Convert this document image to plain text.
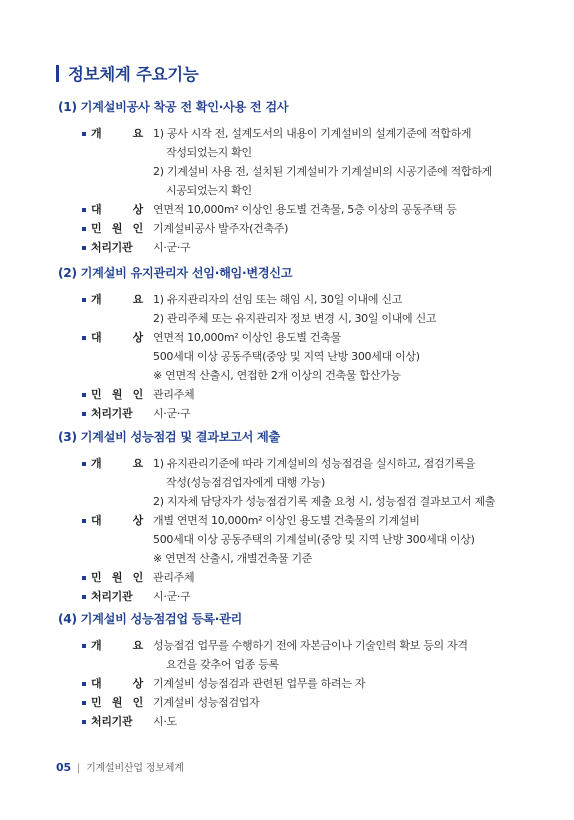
정보체계 주요기능
(1) 기계설비공사 착공 전 확인·사용 전 검사
개 요 1) 공사 시작 전, 설계도서의 내용이 기계설비의 설계기준에 적합하게
작성되었는지 확인
2) 기계설비 사용 전, 설치된 기계설비가 기계설비의 시공기준에 적합하게
시공되었는지 확인
대 상 연면적 10,000m² 이상인 용도별 건축물, 5층 이상의 공동주택 등
민 원 인 기계설비공사 발주자(건축주)
처리기관	시·군·구
(2) 기계설비 유지관리자 선임·해임·변경신고
개 요 1) 유지관리자의 선임 또는 해임 시, 30일 이내에 신고
2) 관리주체 또는 유지관리자 정보 변경 시, 30일 이내에 신고
대 상 연면적 10,000m² 이상인 용도별 건축물
500세대 이상 공동주택(중앙 및 지역 난방 300세대 이상)
※ 연면적 산출시, 연접한 2개 이상의 건축물 합산가능
민 원 인 관리주체
처리기관	시·군·구
(3) 기계설비 성능점검 및 결과보고서 제출
개 요 1) 유지관리기준에 따라 기계설비의 성능점검을 실시하고, 점검기록을
작성(성능점검업자에게 대행 가능)
2) 지자체 담당자가 성능점검기록 제출 요청 시, 성능점검 결과보고서 제출
대 상 개별 연면적 10,000m² 이상인 용도별 건축물의 기계설비
500세대 이상 공동주택의 기계설비(중앙 및 지역 난방 300세대 이상)
※ 연면적 산출시, 개별건축물 기준
민 원 인 관리주체
처리기관	시·군·구
(4) 기계설비 성능점검업 등록·관리
개 요 성능점검 업무를 수행하기 전에 자본금이나 기술인력 확보 등의 자격
요건을 갖추어 업종 등록
대 상 기계설비 성능점검과 관련된 업무를 하려는 자
민 원 인 기계설비 성능점검업자
처리기관	시·도
05 | 기계설비산업 정보체계
